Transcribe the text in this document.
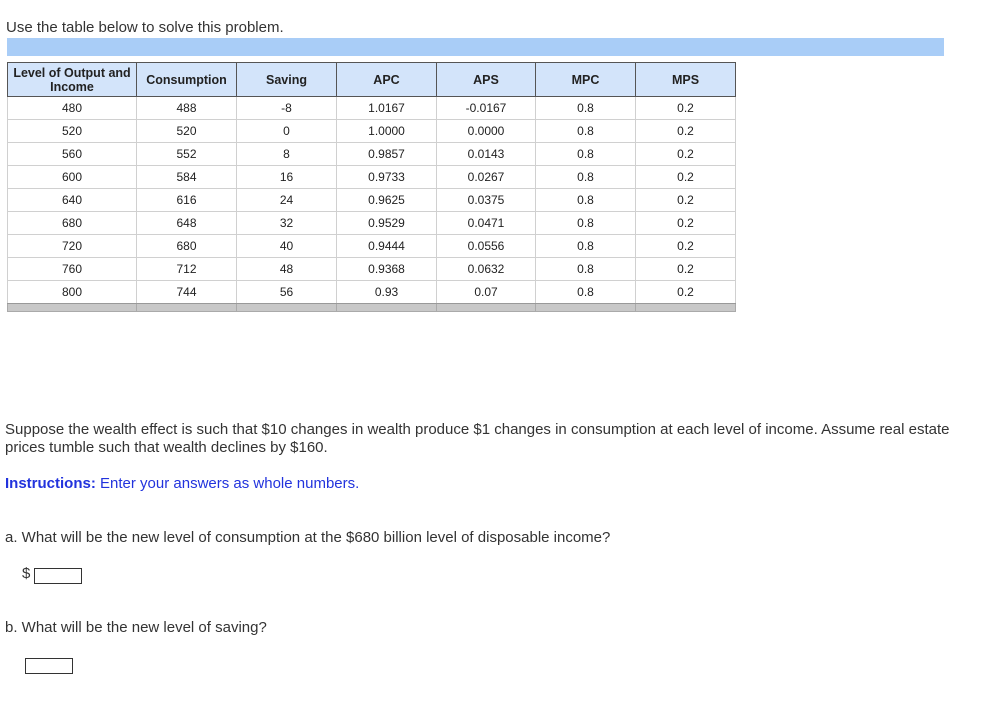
Use the table below to solve this problem.
Level of Output and Income	Consumption	Saving	APC	APS	MPC	MPS
480	488	-8	1.0167	-0.0167	0.8	0.2
520	520	0	1.0000	0.0000	0.8	0.2
560	552	8	0.9857	0.0143	0.8	0.2
600	584	16	0.9733	0.0267	0.8	0.2
640	616	24	0.9625	0.0375	0.8	0.2
680	648	32	0.9529	0.0471	0.8	0.2
720	680	40	0.9444	0.0556	0.8	0.2
760	712	48	0.9368	0.0632	0.8	0.2
800	744	56	0.93	0.07	0.8	0.2

Suppose the wealth effect is such that $10 changes in wealth produce $1 changes in consumption at each level of income. Assume real estate prices tumble such that wealth declines by $160.
Instructions: Enter your answers as whole numbers.
a. What will be the new level of consumption at the $680 billion level of disposable income?
$
b. What will be the new level of saving?
